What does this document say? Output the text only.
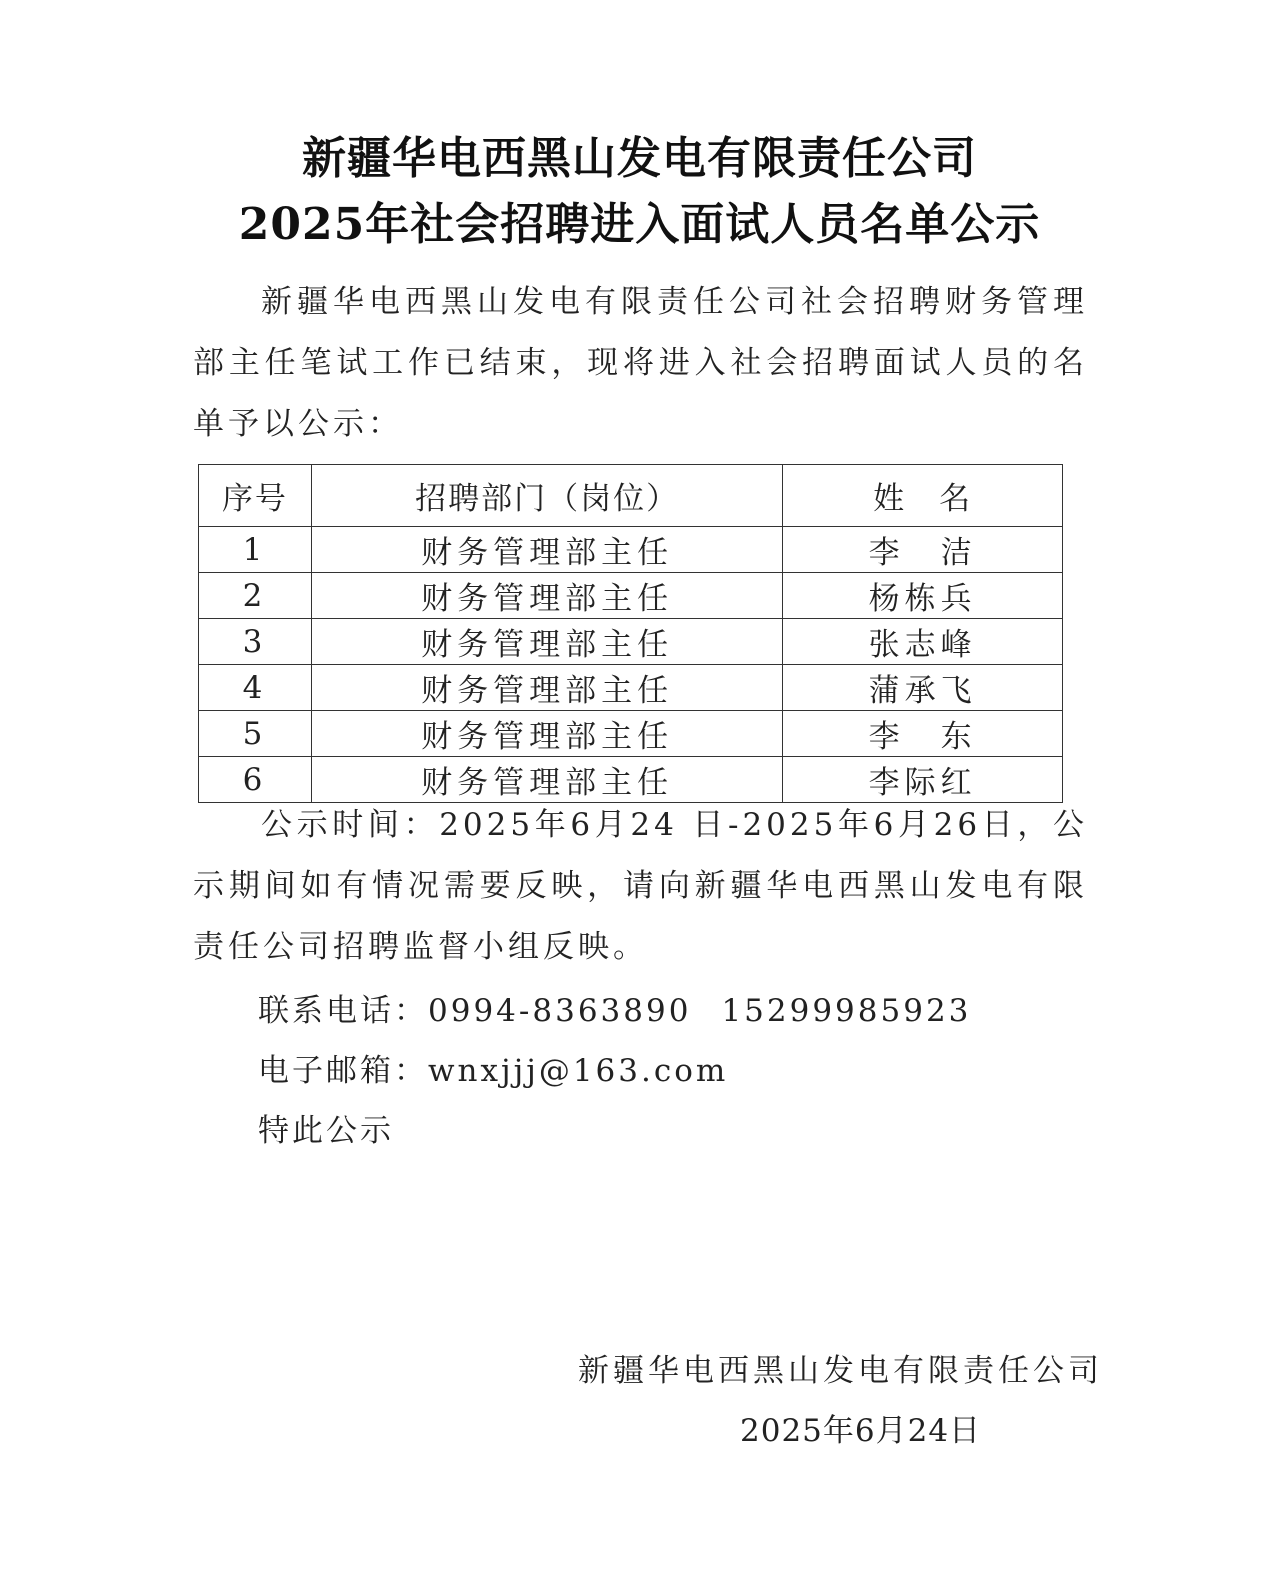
新疆华电西黑山发电有限责任公司
2025年社会招聘进入面试人员名单公示
新疆华电西黑山发电有限责任公司社会招聘财务管理部主任笔试工作已结束，现将进入社会招聘面试人员的名单予以公示：
序号	招聘部门（岗位）	姓　名
1	财务管理部主任	李　洁
2	财务管理部主任	杨栋兵
3	财务管理部主任	张志峰
4	财务管理部主任	蒲承飞
5	财务管理部主任	李　东
6	财务管理部主任	李际红
公示时间：2025年6月24 日-2025年6月26日，公示期间如有情况需要反映，请向新疆华电西黑山发电有限责任公司招聘监督小组反映。
联系电话：0994-8363890 15299985923
电子邮箱：wnxjjj@163.com
特此公示
新疆华电西黑山发电有限责任公司
2025年6月24日
